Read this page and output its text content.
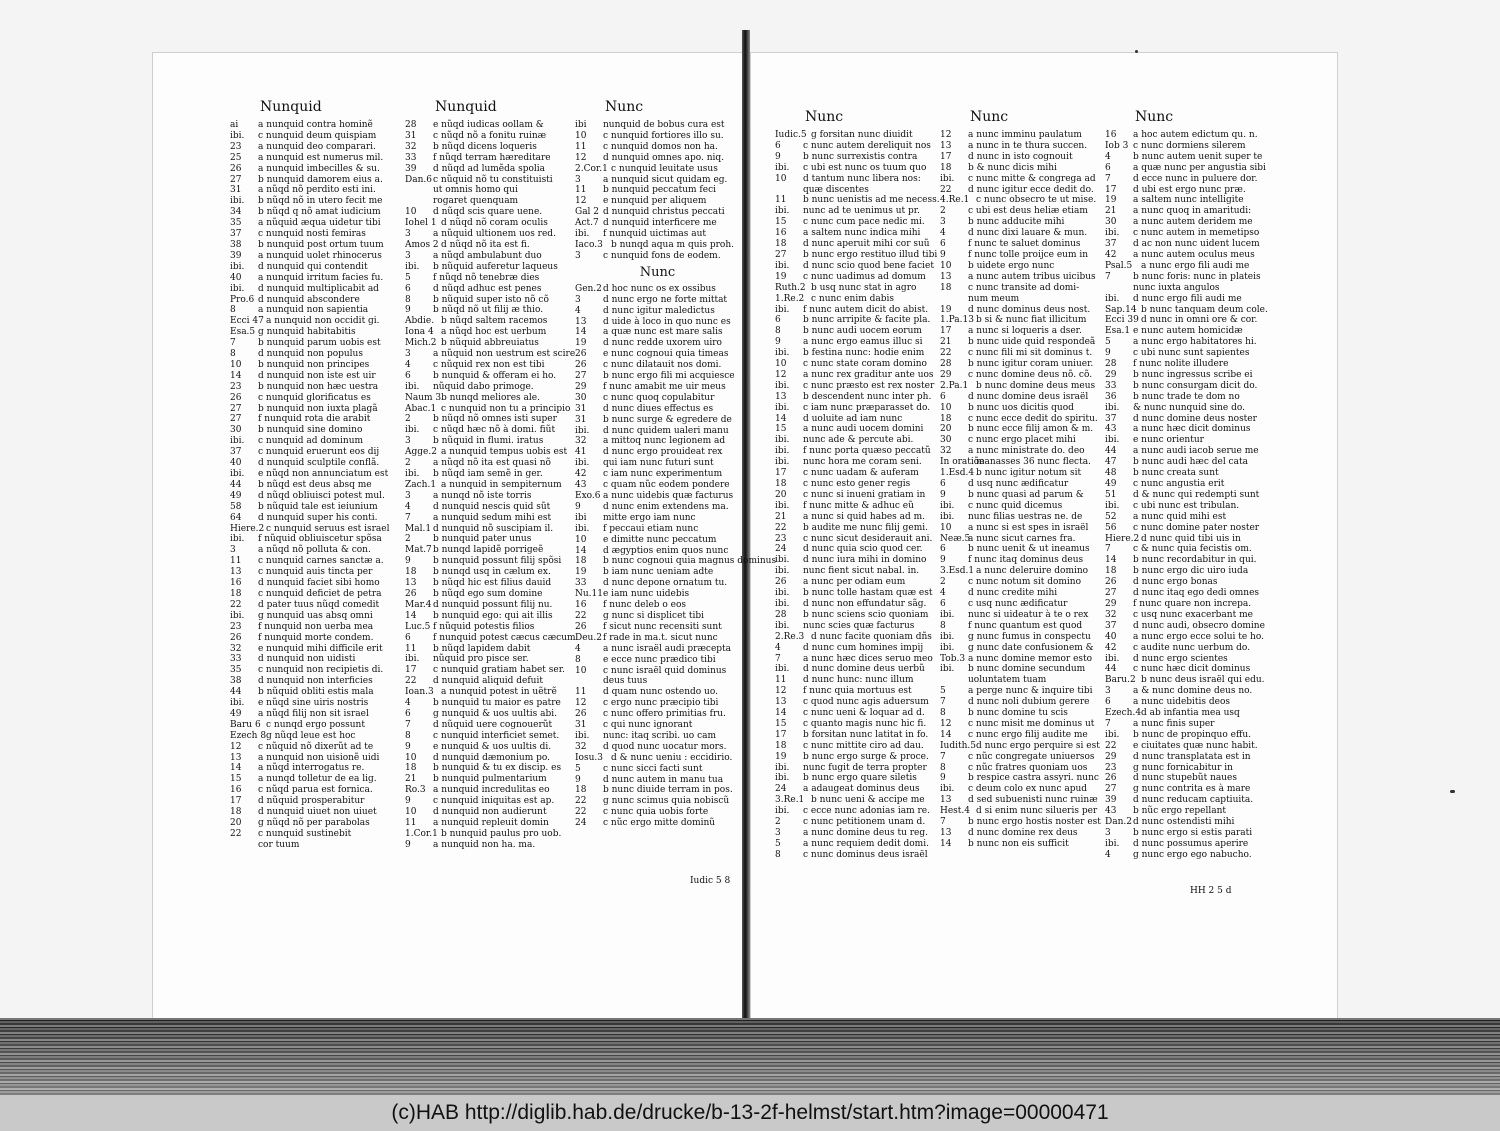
Nunquid
ai a nunquid contra hominẽ
ibi. c nunquid deum quispiam
23 a nunquid deo comparari.
25 a nunquid est numerus mil.
26 a nunquid imbecilles & su.
27 b nunquid damorem eius a.
31 a nũqd nõ perdito esti ini.
ibi. b nũqd nõ in utero fecit me
34 b nũqd q nõ amat iudicium
35 a nũquid æqua uidetur tibi
37 c nunquid nosti femiras
38 b nunquid post ortum tuum
39 a nunquid uolet rhinocerus
ibi. d nunquid qui contendit
40 a nunquid irritum facies fu.
ibi. d nunquid multiplicabit ad
Pro.6 d nunquid abscondere
8 a nunquid non sapientia
Ecci 47 a nunquid non occidit gi.
Esa.5 g nunquid habitabitis
7 b nunquid parum uobis est
8 d nunquid non populus
10 b nunquid non principes
14 d nunquid non iste est uir
23 b nunquid non hæc uestra
26 c nunquid glorificatus es
27 b nunquid non iuxta plagã
27 f nunquid rota die arabit
30 b nunquid sine domino
ibi. c nunquid ad dominum
37 c nunquid eruerunt eos dij
40 d nunquid sculptile conflã.
ibi. e nũqd non annunciatum est
44 b nũqd est deus absq me
49 d nũqd obliuisci potest mul.
58 b nũquid tale est ieiunium
64 d nunquid super his conti.
Hiere.2 c nunquid seruus est israel
ibi. f nũquid obliuiscetur spõsa
3 a nũqd nõ polluta & con.
11 c nunquid carnes sanctæ a.
13 c nunquid auis tincta per
16 d nunquid faciet sibi homo
18 c nunquid deficiet de petra
22 d pater tuus nũqd comedit
ibi. g nunquid uas absq omni
23 f nunquid non uerba mea
26 f nunquid morte condem.
32 e nunquid mihi difficile erit
33 d nunquid non uidisti
35 c nunquid non recipietis di.
38 d nunquid non interficies
44 b nũquid obliti estis mala
ibi. e nũqd sine uiris nostris
49 a nũqd filij non sit israel
Baru 6 c nunqd ergo possunt
Ezech 8g nũqd leue est hoc
12 c nũquid nõ dixerũt ad te
13 a nunquid non uisionẽ uidi
14 a nũqd interrogatus re.
15 a nunqd tolletur de ea lig.
16 c nũqd parua est fornica.
17 d nũquid prosperabitur
18 d nunquid uiuet non uiuet
20 g nũqd nõ per parabolas
22 c nunquid sustinebit
cor tuum
Nunquid
28 e nũqd iudicas oollam &
31 c nũqd nõ a fonitu ruinæ
32 b nũqd dicens loqueris
33 f nũqd terram hæreditare
39 d nũqd ad lumẽda spolia
Dan.6c nũquid nõ tu constituisti
ut omnis homo qui
rogaret quenquam
10 d nũqd scis quare uene.
Iohel 1 d nũqd nõ coram oculis
3 a nũquid ultionem uos red.
Amos 2 d nũqd nõ ita est fi.
3 a nũqd ambulabunt duo
ibi. b nũquid auferetur laqueus
5 f nũqd nõ tenebræ dies
6 d nũqd adhuc est penes
8 b nũquid super isto nõ cõ
9 b nũqd nõ ut filij æ thio.
Abdie. b nũqd saltem racemos
Iona 4 a nũqd hoc est uerbum
Mich.2 b nũquid abbreuiatus
3 a nũquid non uestrum est scire
4 c nũquid rex non est tibi
6 b nunquid & offeram ei ho.
ibi. nũquid dabo primoge.
Naum 3b nunqd meliores ale.
Abac.1 c nunquid non tu a principio
2 b nũqd nõ omnes isti super
ibi. c nũqd hæc nõ à domi. fiũt
3 b nũquid in flumi. iratus
Agge.2 a nunquid tempus uobis est
2 a nũqd nõ ita est quasi nõ
ibi. b nũqd iam semẽ in ger.
Zach.1 a nunquid in sempiternum
3 a nunqd nõ iste torris
4 d nunquid nescis quid sũt
7 a nunquid sedum mihi est
Mal.1 d nunquid nõ suscipiam il.
2 b nunquid pater unus
Mat.7b nunqd lapidẽ porrigeẽ
9 b nunquid possunt filij spõsi
18 b nunqd usq in cælum ex.
13 b nũqd hic est filius dauid
26 b nũqd ego sum domine
Mar.4 d nunquid possunt filij nu.
14 b nunquid ego: qui ait illis
Luc.5 f nũquid potestis filios
6 f nunquid potest cæcus cæcum
11 b nũqd lapidem dabit
ibi. nũquid pro pisce ser.
17 c nunquid gratiam habet ser.
22 d nunquid aliquid defuit
Ioan.3 a nunquid potest in uẽtrẽ
4 b nunquid tu maior es patre
6 g nunquid & uos uultis abi.
7 d nũquid uere cognouerũt
8 c nunquid interficiet semet.
9 e nunquid & uos uultis di.
10 d nunquid dæmonium po.
18 b nunquid & tu ex discip. es
21 b nunquid pulmentarium
Ro.3 a nunquid incredulitas eo
9 c nunquid iniquitas est ap.
10 d nunquid non audierunt
11 a nunquid repleuit domin
1.Cor.1 b nunquid paulus pro uob.
9 a nunquid non ha. ma.
Nunc
ibi nunquid de bobus cura est
10 c nunquid fortiores illo su.
11 c nunquid domos non ha.
12 d nunquid omnes apo. niq.
2.Cor.1 c nunquid leuitate usus
3 a nunquid sicut quidam eg.
11 b nunquid peccatum feci
12 e nunquid per aliquem
Gal 2 d nunquid christus peccati
Act.7 d nunquid interficere me
ibi. f nunquid uictimas aut
Iaco.3 b nunqd aqua m quis proh.
3 c nunquid fons de eodem.
Nunc
Gen.2d hoc nunc os ex ossibus
3 d nunc ergo ne forte mittat
4 d nunc igitur maledictus
13 d uide à loco in quo nunc es
14 a quæ nunc est mare salis
19 d nunc redde uxorem uiro
26 e nunc cognoui quia timeas
26 c nunc dilatauit nos domi.
27 b nunc ergo fili mi acquiesce
29 f nunc amabit me uir meus
30 c nunc quoq copulabitur
31 d nunc diues effectus es
31 b nunc surge & egredere de
ibi. d nunc quidem ualeri manu
32 a mittoq nunc legionem ad
41 d nunc ergo prouideat rex
ibi. qui iam nunc futuri sunt
42 c iam nunc experimentum
43 c quam nũc eodem pondere
Exo.6 a nunc uidebis quæ facturus
9 d nunc enim extendens ma.
ibi mitte ergo iam nunc
ibi. f peccaui etiam nunc
10 e dimitte nunc peccatum
14 d ægyptios enim quos nunc
18 b nunc cognoui quia magnus dominus
19 b iam nunc ueniam adte
33 d nunc depone ornatum tu.
Nu.11e iam nunc uidebis
16 f nunc deleb o eos
22 g nunc si displicet tibi
26 f sicut nunc recensiti sunt
Deu.2f rade in ma.t. sicut nunc
4 a nunc israël audi præcepta
8 e ecce nunc prædico tibi
10 c nunc israël quid dominus
deus tuus
11 d quam nunc ostendo uo.
12 c ergo nunc præcipio tibi
26 c nunc offero primitias fru.
31 c qui nunc ignorant
ibi. nunc: itaq scribi. uo cam
32 d quod nunc uocatur mors.
Iosu.3 d & nunc ueniu : eccidirio.
5 c nunc sicci facti sunt
9 d nunc autem in manu tua
18 b nunc diuide terram in pos.
22 g nunc scimus quia nobiscũ
22 c nunc quia uobis forte
24 c nũc ergo mitte dominũ
Nunc
Iudic.5 g forsitan nunc diuidit
6 c nunc autem dereliquit nos
9 b nunc surrexistis contra
ibi. c ubi est nunc os tuum quo
10 d tantum nunc libera nos:
quæ discentes
11 b nunc uenistis ad me necess.
ibi. nunc ad te uenimus ut pr.
15 c nunc cum pace nedic mi.
16 a saltem nunc indica mihi
18 d nunc aperuit mihi cor suũ
27 b nunc ergo restituo illud tibi
ibi. d nunc scio quod bene faciet
19 c nunc uadimus ad domum
Ruth.2 b usq nunc stat in agro
1.Re.2 c nunc enim dabis
ibi. f nunc autem dicit do abist.
6 b nunc arripite & facite pla.
8 b nunc audi uocem eorum
9 a nunc ergo eamus illuc si
ibi. b festina nunc: hodie enim
10 c nunc state coram domino
12 a nunc rex graditur ante uos
ibi. c nunc præsto est rex noster
13 b descendent nunc inter ph.
ibi. c iam nunc præparasset do.
14 d uoluite ad iam nunc
15 a nunc audi uocem domini
ibi. nunc ade & percute abi.
ibi. f nunc porta quæso peccatũ
ibi. nunc hora me coram seni.
17 c nunc uadam & auferam
18 c nunc esto gener regis
20 c nunc si inueni gratiam in
ibi. f nunc mitte & adhuc eũ
21 a nunc si quid habes ad m.
22 b audite me nunc filij gemi.
23 c nunc sicut desiderauit ani.
24 d nunc quia scio quod cer.
ibi. d nunc iura mihi in domino
ibi. nunc fient sicut nabal. in.
26 a nunc per odiam eum
ibi. b nunc tolle hastam quæ est
ibi. d nunc non effundatur sãg.
28 b nunc sciens scio quoniam
ibi. nunc scies quæ facturus
2.Re.3 d nunc facite quoniam dñs
4 d nunc cum homines impij
7 a nunc hæc dices seruo meo
ibi. d nunc domine deus uerbũ
11 d nunc hunc: nunc illum
12 f nunc quia mortuus est
13 c quod nunc agis aduersum
14 c nunc ueni & loquar ad d.
15 c quanto magis nunc hic fi.
17 b forsitan nunc latitat in fo.
18 c nunc mittite ciro ad dau.
19 b nunc ergo surge & proce.
ibi. nunc fugit de terra propter
ibi. b nunc ergo quare siletis
24 a adaugeat dominus deus
3.Re.1 b nunc ueni & accipe me
ibi. c ecce nunc adonias iam re.
2 c nunc petitionem unam d.
3 a nunc domine deus tu reg.
5 a nunc requiem dedit domi.
8 c nunc dominus deus israël
Nunc
12 a nunc imminu paulatum
13 a nunc in te thura succen.
17 d nunc in isto cognouit
18 b & nunc dicis mihi
ibi. c nunc mitte & congrega ad
22 d nunc igitur ecce dedit do.
4.Re.1 c nunc obsecro te ut mise.
2 c ubi est deus heliæ etiam
3 b nunc adducite mihi
4 d nunc dixi lauare & mun.
6 f nunc te saluet dominus
9 f nunc tolle proijce eum in
10 b uidete ergo nunc
13 a nunc autem tribus uicibus
18 c nunc transite ad domi-
num meum
19 d nunc dominus deus nost.
1.Pa.13 b si & nunc fiat illicitum
17 a nunc si loqueris a dser.
21 b nunc uide quid respondeã
22 c nunc fili mi sit dominus t.
28 b nunc igitur coram uniuer.
29 c nunc domine deus nõ. cõ.
2.Pa.1 b nunc domine deus meus
6 d nunc domine deus israël
10 b nunc uos dicitis quod
18 c nunc ecce dedit do spiritu.
20 b nunc ecce filij amon & m.
30 c nunc ergo placet mihi
32 a nunc ministrate do. deo
In oratiõemanasses 36 nunc flecta.
1.Esd.4 b nunc igitur notum sit
6 d usq nunc ædificatur
9 b nunc quasi ad parum &
ibi. c nunc quid dicemus
ibi. nunc filias uestras ne. de
10 a nunc si est spes in israël
Neæ.5a nunc sicut carnes fra.
6 b nunc uenit & ut ineamus
9 f nunc itaq dominus deus
3.Esd.1 a nunc deleruire domino
2 c nunc notum sit domino
4 d nunc credite mihi
6 c usq nunc ædificatur
ibi. nunc si uideatur à te o rex
8 f nunc quantum est quod
ibi. g nunc fumus in conspectu
ibi. g nunc date confusionem &
Tob.3 a nunc domine memor esto
ibi. b nunc domine secundum
uoluntatem tuam
5 a perge nunc & inquire tibi
7 d nunc noli dubium gerere
8 b nunc domine tu scis
12 c nunc misit me dominus ut
14 c nunc ergo filij audite me
Iudith.5d nunc ergo perquire si est
7 c nũc congregate uniuersos
8 c nũc fratres quoniam uos
9 b respice castra assyri. nunc
ibi. c deum colo ex nunc apud
13 d sed subuenisti nunc ruinæ
Hest.4 d si enim nunc silueris per
7 b nunc ergo hostis noster est
13 d nunc domine rex deus
14 b nunc non eis sufficit
Nunc
16 a hoc autem edictum qu. n.
Iob 3 c nunc dormiens silerem
4 b nunc autem uenit super te
6 a quæ nunc per angustia sibi
7 d ecce nunc in puluere dor.
17 d ubi est ergo nunc præ.
19 a saltem nunc intelligite
21 a nunc quoq in amaritudi:
30 a nunc autem deridem me
ibi. c nunc autem in memetipso
37 d ac non nunc uident lucem
42 a nunc autem oculus meus
Psal.5 a nunc ergo fili audi me
7 b nunc foris: nunc in plateis
nunc iuxta angulos
ibi. d nunc ergo fili audi me
Sap.14 b nunc tanquam deum cole.
Ecci 39 d nunc in omni ore & cor.
Esa.1 e nunc autem homicidæ
5 a nunc ergo habitatores hi.
9 c ubi nunc sunt sapientes
28 f nunc nolite illudere
29 b nunc ingressus scribe ei
33 b nunc consurgam dicit do.
36 b nunc trade te dom no
ibi. & nunc nunquid sine do.
37 d nunc domine deus noster
43 a nunc hæc dicit dominus
ibi. e nunc orientur
44 a nunc audi iacob serue me
47 b nunc audi hæc del cata
48 b nunc creata sunt
49 c nunc angustia erit
51 d & nunc qui redempti sunt
ibi. c ubi nunc est tribulan.
52 a nunc quid mihi est
56 c nunc domine pater noster
Hiere.2 d nunc quid tibi uis in
7 c & nunc quia fecistis om.
14 b nunc recordabitur in qui.
18 b nunc ergo dic uiro iuda
26 d nunc ergo bonas
27 d nunc itaq ego dedi omnes
29 f nunc quare non increpa.
32 c usq nunc exacerbant me
37 d nunc audi, obsecro domine
40 a nunc ergo ecce solui te ho.
42 c audite nunc uerbum do.
ibi. d nunc ergo scientes
44 c nunc hæc dicit dominus
Baru.2 b nunc deus israël qui edu.
3 a & nunc domine deus no.
6 a nunc uidebitis deos
Ezech.4d ab infantia mea usq
7 a nunc finis super
ibi. b nunc de propinquo effu.
22 e ciuitates quæ nunc habit.
29 d nunc transplatata est in
23 g nunc fornicabitur in
26 d nunc stupebũt naues
27 g nunc contrita es à mare
39 d nunc reducam captiuita.
43 b nũc ergo repellant
Dan.2d nunc ostendisti mihi
3 b nunc ergo si estis parati
ibi. d nunc possumus aperire
4 g nunc ergo ego nabucho.
Iudic 5 8
HH 2 5 d
(c)HAB http://diglib.hab.de/drucke/b-13-2f-helmst/start.htm?image=00000471
